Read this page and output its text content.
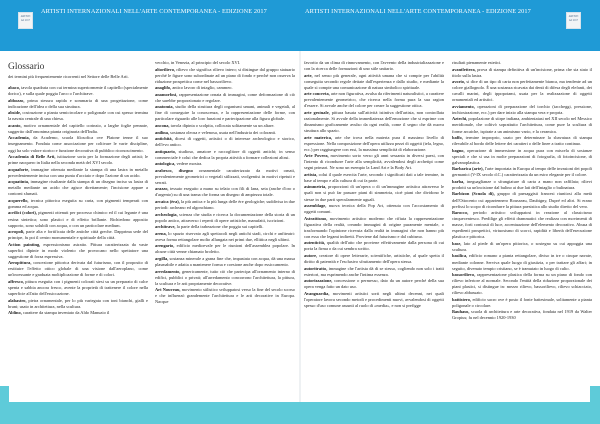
ARTISTI nel 2017
ARTISTI INTERNAZIONALI NELL'ARTE CONTEMPORANEA - EDIZIONE 2017	ARTISTI INTERNAZIONALI NELL'ARTE CONTEMPORANEA - EDIZIONE 2017
ARTISTI nel 2017
Glossario
dei termini più frequentemente ricorrenti nel Settore delle Belle Arti.
abaco, tavola quadrata con cui termina superiormente il capitello (specialmente dorico), e sulla quale poggia l'arco o l'architrave.
abbozzo, prima stesura rapida e sommaria di una progettazione, come indicazione dell'idea o della sua struttura.
abside, costruzione a pianta semicircolare o poligonale con cui spesso termina la navata centrale di una chiesa.
acanto, motivo ornamentale del capitello corinzio, a larghe foglie pennate, suggerito dall'omonima pianta originaria dell'India.
Accademia, da Academo, scuola filosofica ove Platone tenne il suo insegnamento. Fondata come associazione per coltivare le varie discipline, oggi ha solo valore storico e funzione decorativa di pubblico riconoscimento.
Accademia di Belle Arti, istituzione sorta per la formazione degli artisti; le prime nacquero in Italia nella seconda metà del XVI secolo.
acquaforte, immagine ottenuta mediante la stampa di una lastra in metallo precedentemente incisa con una punta d'acciaio e dopo l'azione di un acido.
acquatinta, immagine risultante dalla stampa di un disegno inciso su lastra di metallo mediante un acido che agisce direttamente; l'incisione appare a contorni sfumati.
acquerello, tecnica pittorica eseguita su carta, con pigmenti temperati con gomma ed acqua.
acrilici (colori), pigmenti ottenuti per processo chimico ed il cui legante è una resina sintetica; sono plastici e di effetto brillante. Richiedono apposito supporto, sono solubili con acqua, o con un particolare medium.
acropoli, parte alta e fortificata delle antiche città greche. Dapprima sede del principe, fu poi il centro monumentale e spirituale della città.
Action painting, espressionismo astratto. Pittura caratterizzata da vaste superfici dipinte in modo violento che provocano nello spettatore una suggestione di forza espressiva.
Aeropittura, concezione pittorica derivata dal futurismo, con il proposito di restituire l'effetto ottico globale di una visione dall'aeroplano, come un'incessante e graduata moltiplicazione di forme e di colori.
affresco, pittura eseguita con i pigmenti colorati stesi su un preparato di calce spenta e sabbia ancora fresco, avente la proprietà di trattenere il colore nella superficie all'atto dell'essiccazione.
alabastro, pietra ornamentale, per lo più variegata con toni bianchi, gialli e bruni; usato in architettura, nella scultura.
Aldino, carattere da stampa inventato da Aldo Manuzio il
vecchio, in Venezia, al principio del secolo XVI.
altorilievo, rilievo che significa rilievo intero; si distingue dal gruppo statuario perché le figure sono subordinate ad un piano di fondo e perché non osserva la riduzione prospettica come nel bassorilievo.
anaglifo, antico lavoro di intaglio, cammeo.
anamorfosi, rappresentazione ornata di immagini, come deformazione di ciò che sarebbe proporzionato e regolare.
anatomia, studio della struttura degli organismi umani, animali e vegetali, al fine di conseguire la conoscenza, e la rappresentazione delle forme, con particolare riguardo alle loro funzioni e partecipazione alla figura globale.
ancona, tavola dipinta o scolpita, collocata solitamente su un altare.
anilina, sostanza oleosa e velenosa, usata nell'industria dei coloranti.
antichità, dicesi di oggetti, artistici o di interesse archeologico e storico, dell'evo antico.
antiquario, studioso, amatore e raccoglitore di oggetti antichi; in senso commerciale è colui che dedica la propria attività a formare collezioni altrui.
antologica, vedere mostra.
arabesco, disegno ornamentale caratterizzato da motivi ornati, prevalentemente geometrici o vegetali stilizzati, svolgentisi in motivi ripetuti e serrati.
arazzo, tessuto eseguito a mano su telaio con fili di lana, seta (anche d'oro o d'argento) su di una trama che forma un disegno di ampiezza totale.
arcaica (èra), la più antica e la più lunga delle ère geologiche; suddivisa in due periodi: archeano ed algonchiano.
archeologia, scienza che studia e ricerca la documentazione della storia di un popolo antico, attraverso i reperti di opere artistiche, manufatti, iscrizioni.
architrave, la parte della trabeazione che poggia sui capitelli.
arena, lo spazio riservato agli spettacoli negli antichi stadi, circhi e anfiteatri: aveva forma rettangolare molto allungata nei primi due, ellittica negli ultimi.
arengario, edificio medioevale per le riunioni dell'assemblea popolare. In alcune città venne chiamato broletto.
argilla, sostanza minerale a grana fine che, impastata con acqua, dà una massa plasmabile e adatta a mantenere forma e coesione anche dopo essiccamento.
arredamento, genericamente, tutto ciò che partecipa all'ornamento interno di edifici, pubblici o privati; all'arredamento concorrono l'architettura, la pittura, la scultura e le arti propriamente decorative.
Art Nouveau, movimento stilistico sviluppatosi verso la fine del secolo scorso e che influenzò grandemente l'architettura e le arti decorative in Europa. Nacque
favorito da un clima di rinnovamento, con l'avvento della industrializzazione e con la ricerca delle formazioni di uno stile unitario.
arte, nel senso più generale, ogni attività umana che si compie per l'abilità conseguita secondo regole dettate dall'esperienza e dallo studio, e mediante la quale si compie una comunicazione di natura simbolico spirituale.
arte concreta, arte non figurativa, avulsa da riferimenti naturalistici, a carattere prevalentemente geometrico, che ricerca nella forma pura la sua ragion d'essere. Si avvale anche del colore per creare la suggestione ottica.
arte gestuale, pittura basata sull'attività istintiva dell'artista, non controllata razionalmente. Si avvale della immediatezza dell'emozione che si esprime con dinamismo graficamente avulso da ogni realtà, come il segno che dà nuova struttura allo spazio.
arte materica, arte che trova nella materia pura il massimo livello di espressione. Nella composizione dell'opera utilizza pezzi di oggetti (tela, legno, ecc.) per raggiungere con essi, la massima semplicità di elaborazione.
Arte Povera, movimento sorto verso gli anni sessanta in diversi paesi, con l'intento di ricondurre l'arte alla semplicità, avvalendosi degli archetipi come segni primari. Ne sono un esempio la Land Art e la Body Art.
artista, colui il quale esercita l'arte, secondo i significati dati a tale termine, in base al tempo e alla cultura di cui fa parte.
asimmetria, proporzioni di un'opera o di un'immagine artistica attraverso le quali non si può far passare piani di simmetria, cioè piani che dividono le stesse in due parti specularmente uguali.
assemblage, nuova tecnica della Pop Art, ottenuta con l'accostamento di oggetti comuni.
Astrattismo, movimento artistico moderno che rifiuta la rappresentazione figurativa della realtà, creando immagini di origine puramente mentale, o trasformando l'opinione ricevuta dalla realtà in immagini che non hanno più con essa che legami indiretti. Proviene dal futurismo e dal cubismo.
autenticità, qualità dell'atto che proviene effettivamente dalla persona di cui porta la firma o da cui sembra scritto.
autore, creatore di opere letterarie, scientifiche, artistiche, al quale spetta il diritto di paternità e l'esclusivo sfruttamento dell'opera stessa.
autoritratto, immagine che l'artista dà di se stesso, cogliendo non solo i tratti esteriori, ma esprimendo anche l'intima essenza.
autorizzazione, concessione o permesso, dato da un autore perché della sua opera venga fatto un dato uso.
Avanguardia, movimenti artistici sorti negli ultimi decenni, nei quali l'operatore lavora secondo metodi e procedimenti nuovi, avvalendosi di oggetti spesso d'uso comune assunti al ruolo di «media», e non si prefigge
risultati pienamente estetici.
avantlettera, prova di stampa definitiva di un'incisione, prima che sia stato il titolo sulla lastra.
avorio, si dice di un tipo di carta non perfettamente bianca, ma tendente ad un colore giallognolo. È una sostanza ricavata dai denti di difesa degli elefanti, dei cavalli marini, degli ippopotami, usata per la realizzazione di oggetti ornamentali ed artistici.
avviamento, operazioni di preparazione del torchio (taccheggi, pressione, inchiostrazione, ecc.) per dare inizio alla stampa vera e propria.
Aztechi, popolazione di stirpe indiana, ambientatasi nel XII secolo nel Messico meridionale, che coltivò soprattutto l'architettura, come pure la scultura di forme arcaiche, ispirate a un animismo vario, e la ceramica.
baffo, termine improprio, usato per determinare la sbavatura di stampa rilevabile al bordo delle lettere dei caratteri o delle linee a tratto continuo.
bagno, operazione di immersione in acqua pura con miscela di sostanze speciali e che si usa in molte preparazioni di fotografia, di fotoincisione, di galvanoplastica.
Barbarica (arte), l'arte importata in Europa al tempo delle invasioni dei popoli germanici (V-IX secolo d.C.) caratterizzata da un estro elegante per il colore.
barba, ineguaglianze o sfrangiature di carta a mano non raffilata; rilievi prodotti su un'incisione dal bulino ai due lati dell'intaglio o bulinatura.
Barbizon (Scuola di), gruppo di paesaggisti francesi riunitosi alla metà dell'Ottocento cui appartennero Rousseau, Daubigny, Dupré ed altri. Si erano prefissi lo scopo di ricondurre la pittura paesistica allo studio diretto del vero.
Barocco, periodo artistico sviluppatosi in reazione al classicismo cinquecentesco. Predilige gli effetti drammatici che realizza con movimenti di masse, forti contrasti di luce, accentuazione dell'elemento decorativo. Abusa di espedienti prospettici, virtuosismo di scorci, rapidità e libertà dell'esecuzione plastica e pittorica.
base, lato al piede di un'opera pittorica, o sostegno su cui appoggia una scultura.
basilica, edificio romano a pianta rettangolare, diviso in tre o cinque navate, mediante colonne. Serviva quale luogo di giustizia, o per trattare gli affari; in seguito, divenuto tempio cristiano, se è tramutato in luogo di culto.
bassorilievo, rappresentazione plastica della forma su un piano di fondo con rilievo inferiore al normale. Secondo l'entità della riduzione proporzionale dei piani plastici, si distingue in: mezzo rilievo, bassorilievo, rilievo schiacciato, rilievo abbassato.
battistero, edificio sacro ove è posto il fonte battesimale, solitamente a pianta poligonale o circolare.
Bauhaus, scuola di architettura e arte decorativa, fondata nel 1919 da Walter Gropius; fu nel decennio 1920-1930
